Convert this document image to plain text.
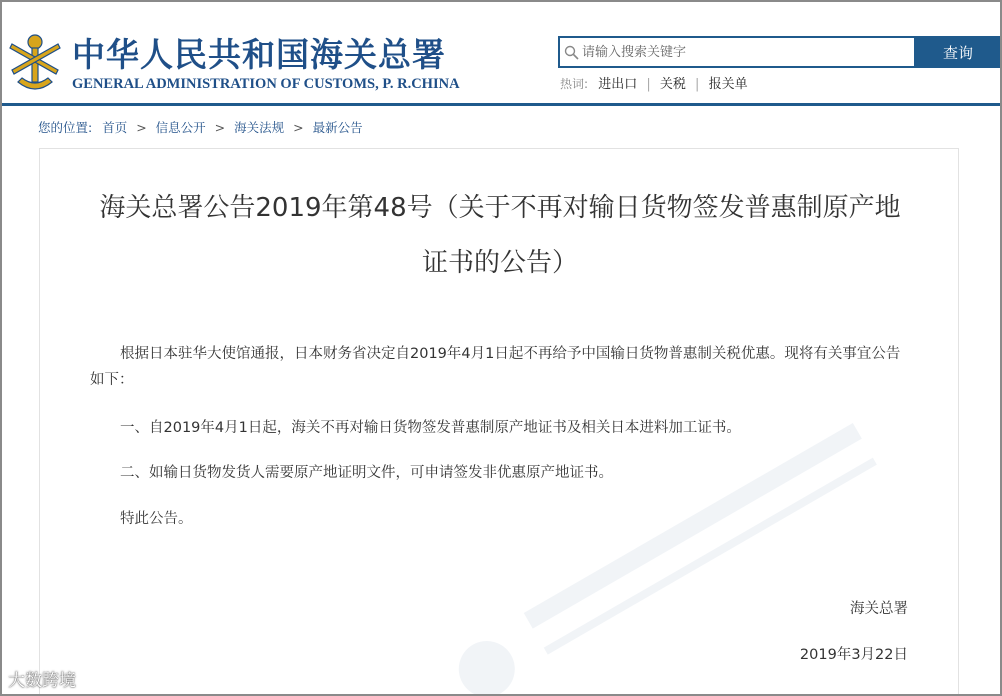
中华人民共和国海关总署
GENERAL ADMINISTRATION OF CUSTOMS, P. R.CHINA
请输入搜索关键字
查询
热词: 进出口 | 关税 | 报关单
您的位置: 首页 > 信息公开 > 海关法规 > 最新公告
海关总署公告2019年第48号（关于不再对输日货物签发普惠制原产地证书的公告）
根据日本驻华大使馆通报，日本财务省决定自2019年4月1日起不再给予中国输日货物普惠制关税优惠。现将有关事宜公告如下：
一、自2019年4月1日起，海关不再对输日货物签发普惠制原产地证书及相关日本进料加工证书。
二、如输日货物发货人需要原产地证明文件，可申请签发非优惠原产地证书。
特此公告。
海关总署
2019年3月22日
大数跨境
